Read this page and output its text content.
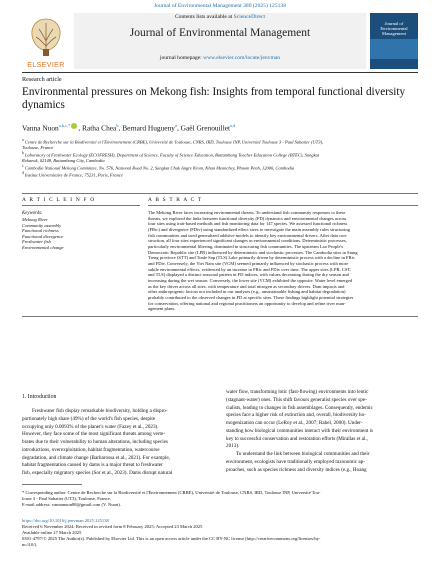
Journal of Environmental Management 380 (2025) 125138
ELSEVIER
Contents lists available at ScienceDirect
Journal of Environmental Management
journal homepage: www.elsevier.com/locate/jenvman
Journal of Environmental Management
Research article
Environmental pressures on Mekong fish: Insights from temporal functional diversity dynamics
Vanna Nuon$^{a,b,c,*}$ , Ratha Chea$^b$, Bernard Hugueny$^a$, Gaël Grenouillet$^{a,d}$
$^a$ Centre de Recherche sur la Biodiversité et l'Environnement (CRBE), Université de Toulouse, CNRS, IRD, Toulouse INP, Université Toulouse 3 - Paul Sabatier (UT3),
Toulouse, France
$^b$ Laboratory of Freshwater Ecology (ECOFRESH), Department of Science, Faculty of Science Education, Battambang Teacher Education College (BTEC), Sangkat
Rokaeuk, 02148, Battambang City, Cambodia
$^c$ Cambodia National Mekong Committee, No. 576, National Road No. 2, Sangkat Chak Angre Krom, Khan Meanchey, Phnom Penh, 12000, Cambodia
$^d$ Institut Universitaire de France, 75231, Paris, France
A R T I C L E I N F O	A B S T R A C T
Keywords:
Mekong River
Community assembly
Functional richness
Functional divergence
Freshwater fish
Environmental change

The Mekong River faces increasing environmental threats. To understand fish community responses to these

threats, we explored the links between functional diversity (FD) dynamics and environmental changes across

four sites using trait-based methods and fish monitoring data for 147 species. We assessed functional richness

(FRic) and divergence (FDiv) using standardized effect sizes to investigate the main assembly rules structuring

fish communities and used generalized additive models to identify key environmental drivers. After data con-

struction, all four sites experienced significant changes in environmental conditions. Deterministic processes,

particularly environmental filtering, dominated in structuring fish communities. The upstream Lao People's

Democratic Republic site (LPR) influenced by deterministic and stochastic processes. The Cambodia sites in Stung

Treng province (STT) and Tonle Sap (TLS) Lake primarily driven by deterministic process with a decline in FRic

and FDiv. Conversely, the Viet Nam site (VCM) seemed primarily influenced by stochastic process with more

subtle environmental effects, evidenced by an increase in FRic and FDiv over time. The upper sites (LPR, CST,

and TLS) displayed a distinct seasonal pattern in FD indices, with values decreasing during the dry season and

increasing during the wet season. Conversely, the lower site (VCM) exhibited the opposite. Water level emerged

as the key driver across all sites, with temperature and total nitrogen as secondary drivers. Dam impacts and

other anthropogenic factors not included in our analyses (e.g., unsustainable fishing and habitat degradation)

probably contributed to the observed changes in FD at specific sites. These findings highlight potential strategies

for conservation, offering national and regional practitioners an opportunity to develop and refine river man-

agement plans.

1. Introduction

Freshwater fish display remarkable biodiversity, holding a dispro-

portionately high share (49%) of the world's fish species, despite

occupying only 0.0093% of the planet's water (Fazey et al., 2023).

However, they face some of the most significant threats among verte-

brates due to their vulnerability to human alterations, including species

introductions, overexploitation, habitat fragmentation, watercourse

degradation, and climate change (Barbarossa et al., 2021). For example,

habitat fragmentation caused by dams is a major threat to freshwater

fish, especially migratory species (Sor et al., 2023). Dams disrupt natural

water flow, transforming lotic (fast-flowing) environments into lentic

(stagnant-water) ones. This shift favours generalist species over spe-

cialists, leading to changes in fish assemblages. Consequently, endemic

species face a higher risk of extinction and, overall, biodiversity ho-

mogenization can occur (LeRoy et al., 2007; Rahel, 2000). Under-

standing how biological communities interact with their environment is

key to successful conservation and restoration efforts (Mirallas et al.,

2013).

To understand the link between biological communities and their

environment, ecologists have traditionally employed taxonomic ap-

proaches, such as species richness and diversity indices (e.g., Hoang

* Corresponding author. Centre de Recherche sur la Biodiversité et l'Environnement (CRBE), Université de Toulouse, CNRS, IRD, Toulouse INP, Université Tou-

louse 3 - Paul Sabatier (UT3), Toulouse, France.

E-mail address: vannanuon88@gmail.com (V. Nuon).

https://doi.org/10.1016/j.jenvman.2025.125138

Received 6 November 2024; Received in revised form 8 February 2025; Accepted 23 March 2025

Available online 27 March 2025

0301-4797/© 2025 The Author(s). Published by Elsevier Ltd. This is an open access article under the CC BY-NC license (http://creativecommons.org/licenses/by-

nc/4.0/).
